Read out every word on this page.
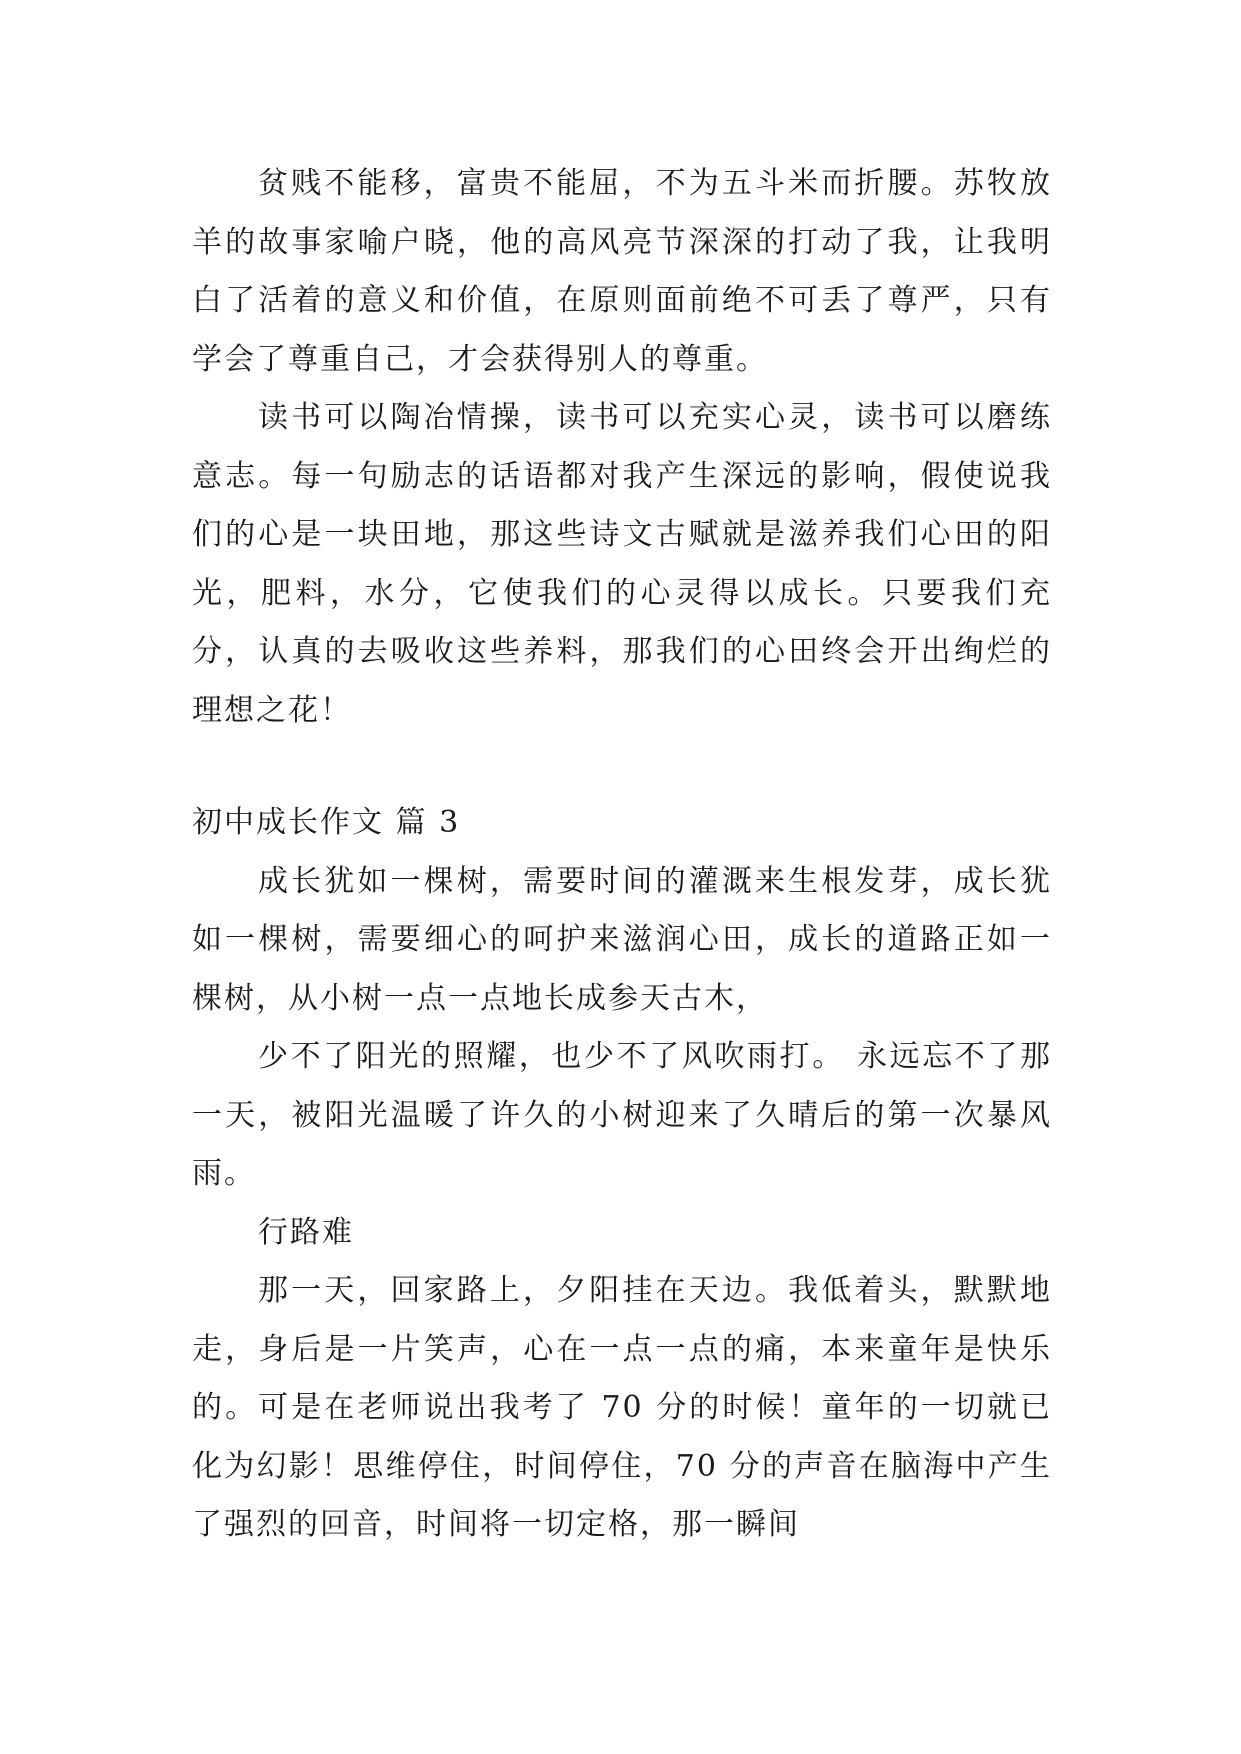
贫贱不能移，富贵不能屈，不为五斗米而折腰。苏牧放羊的故事家喻户晓，他的高风亮节深深的打动了我，让我明白了活着的意义和价值，在原则面前绝不可丢了尊严，只有学会了尊重自己，才会获得别人的尊重。

读书可以陶冶情操，读书可以充实心灵，读书可以磨练意志。每一句励志的话语都对我产生深远的影响，假使说我们的心是一块田地，那这些诗文古赋就是滋养我们心田的阳光，肥料，水分，它使我们的心灵得以成长。只要我们充分，认真的去吸收这些养料，那我们的心田终会开出绚烂的理想之花！

初中成长作文 篇 3

成长犹如一棵树，需要时间的灌溉来生根发芽，成长犹如一棵树，需要细心的呵护来滋润心田，成长的道路正如一棵树，从小树一点一点地长成参天古木，

少不了阳光的照耀，也少不了风吹雨打。 永远忘不了那一天，被阳光温暖了许久的小树迎来了久晴后的第一次暴风雨。

行路难

那一天，回家路上，夕阳挂在天边。我低着头，默默地走，身后是一片笑声，心在一点一点的痛，本来童年是快乐的。可是在老师说出我考了 70 分的时候！童年的一切就已化为幻影！思维停住，时间停住，70 分的声音在脑海中产生了强烈的回音，时间将一切定格，那一瞬间
